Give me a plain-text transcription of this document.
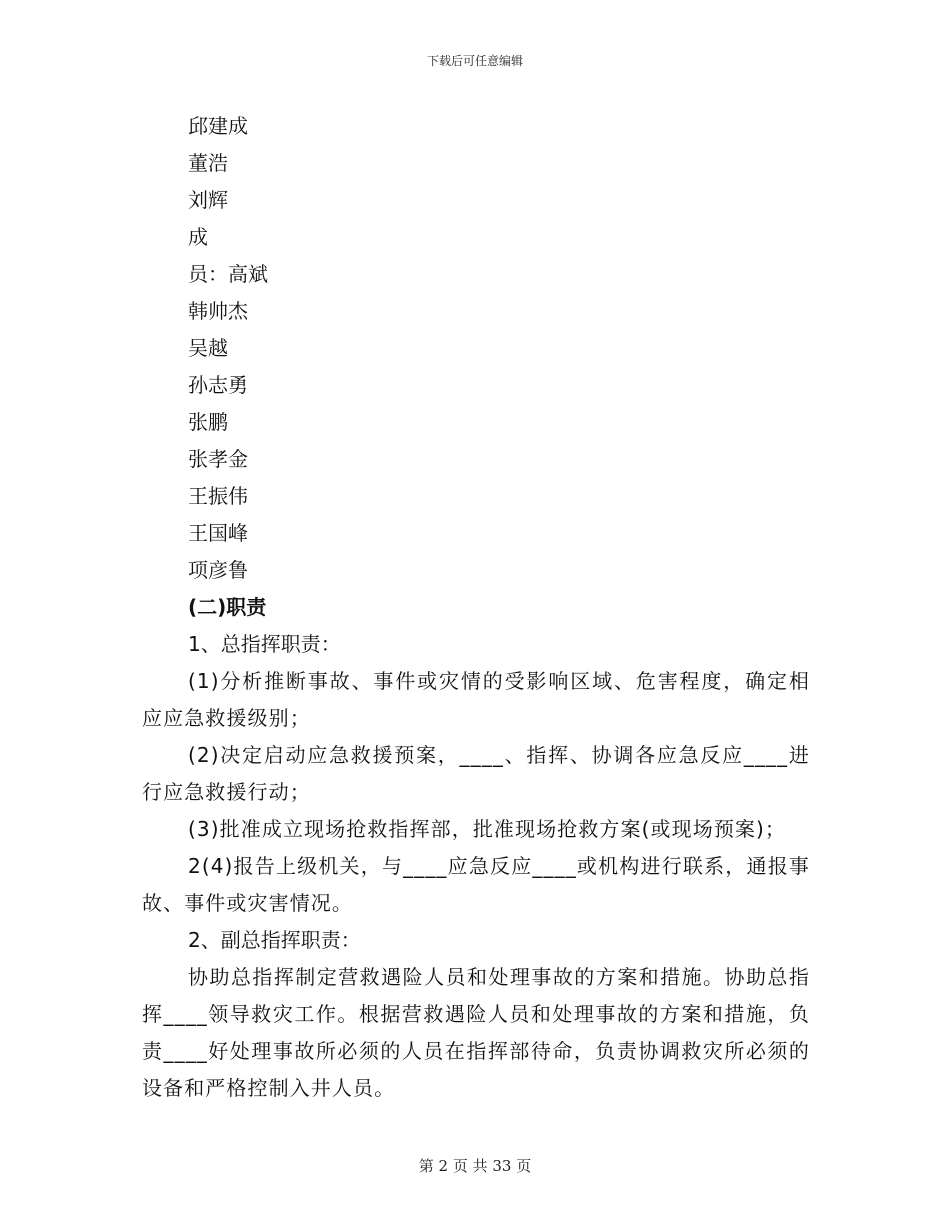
下载后可任意编辑
邱建成
董浩
刘辉
成
员：高斌
韩帅杰
吴越
孙志勇
张鹏
张孝金
王振伟
王国峰
项彦鲁
(二)职责
1、总指挥职责：
(1)分析推断事故、事件或灾情的受影响区域、危害程度，确定相应应急救援级别；
(2)决定启动应急救援预案，____、指挥、协调各应急反应____进行应急救援行动；
(3)批准成立现场抢救指挥部，批准现场抢救方案(或现场预案)；
2(4)报告上级机关，与____应急反应____或机构进行联系，通报事故、事件或灾害情况。
2、副总指挥职责：
协助总指挥制定营救遇险人员和处理事故的方案和措施。协助总指挥____领导救灾工作。根据营救遇险人员和处理事故的方案和措施，负责____好处理事故所必须的人员在指挥部待命，负责协调救灾所必须的设备和严格控制入井人员。
第 2 页 共 33 页
